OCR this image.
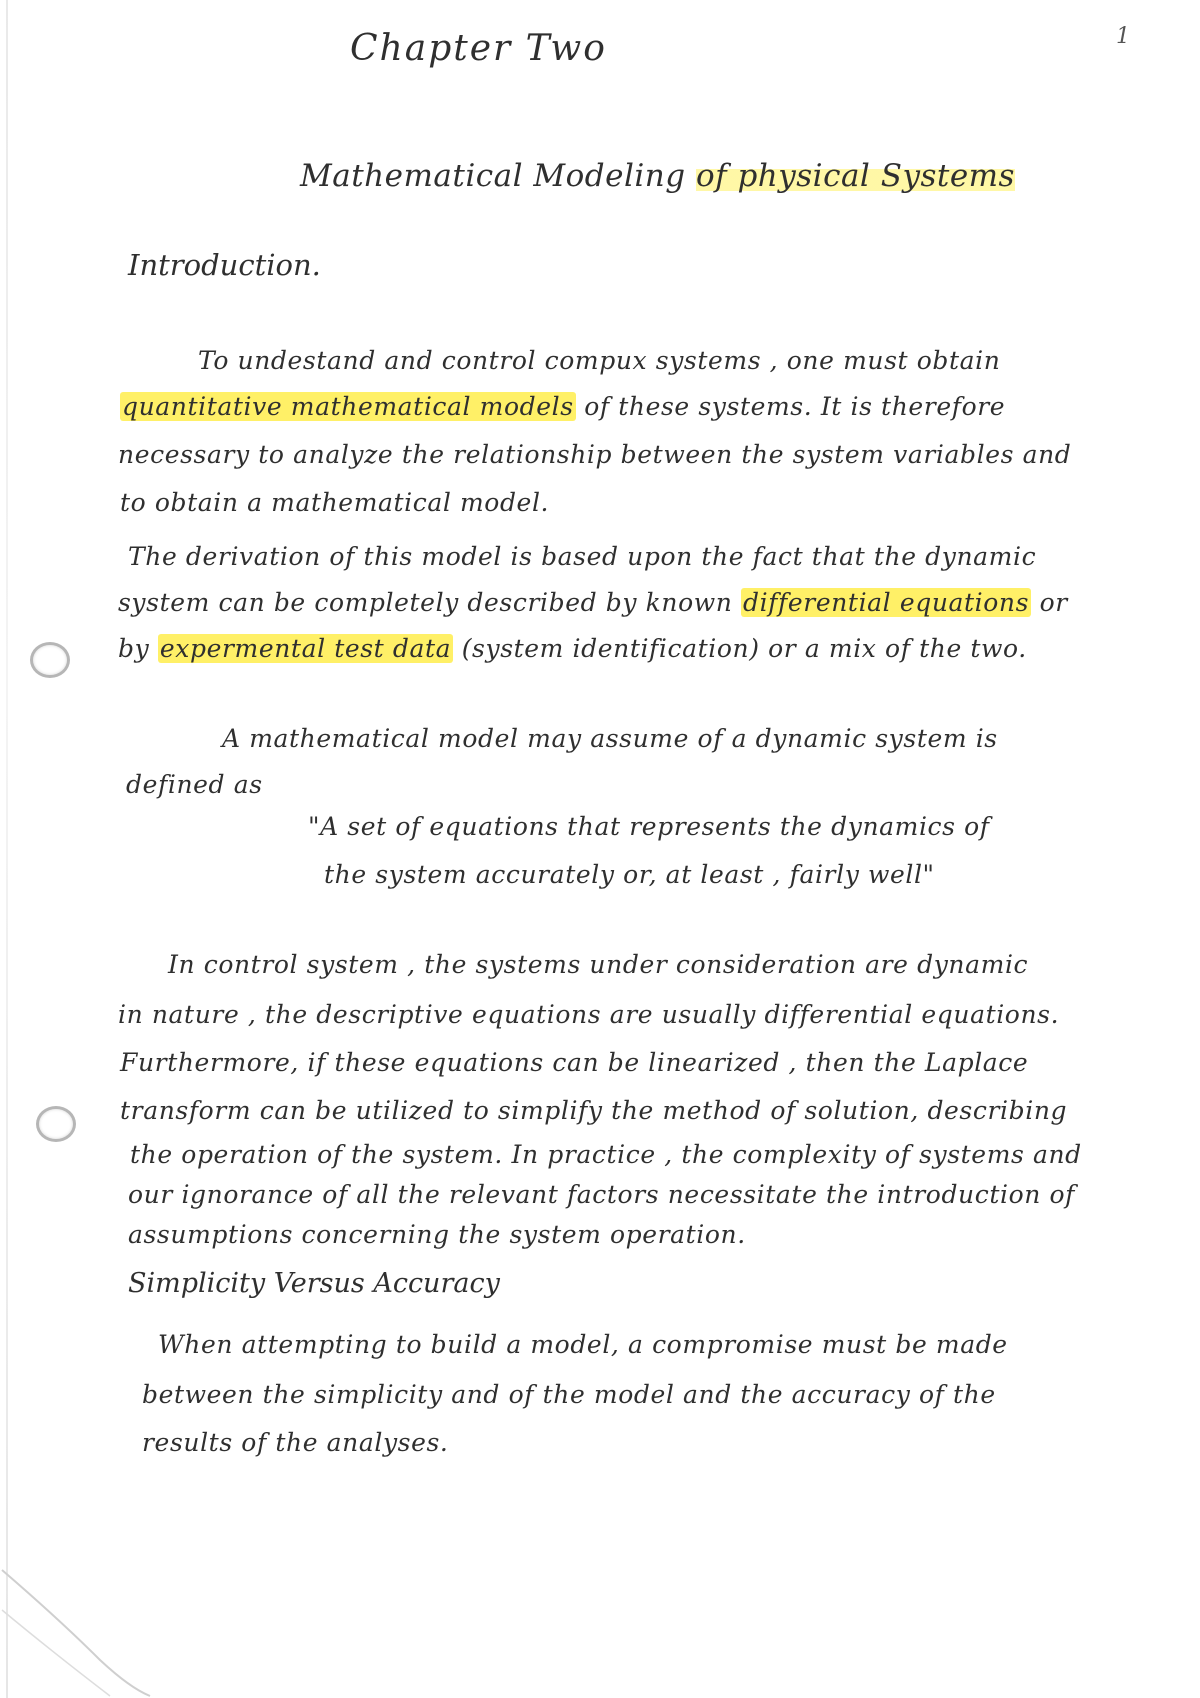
1
Chapter Two
Mathematical Modeling of physical Systems
Introduction.
To undestand and control compux systems , one must obtain
quantitative mathematical models of these systems. It is therefore
necessary to analyze the relationship between the system variables and
to obtain a mathematical model.
The derivation of this model is based upon the fact that the dynamic
system can be completely described by known differential equations or
by expermental test data (system identification) or a mix of the two.
A mathematical model may assume of a dynamic system is
defined as
"A set of equations that represents the dynamics of
the system accurately or, at least , fairly well"
In control system , the systems under consideration are dynamic
in nature , the descriptive equations are usually differential equations.
Furthermore, if these equations can be linearized , then the Laplace
transform can be utilized to simplify the method of solution, describing
the operation of the system. In practice , the complexity of systems and
our ignorance of all the relevant factors necessitate the introduction of
assumptions concerning the system operation.
Simplicity Versus Accuracy
When attempting to build a model, a compromise must be made
between the simplicity and of the model and the accuracy of the
results of the analyses.
